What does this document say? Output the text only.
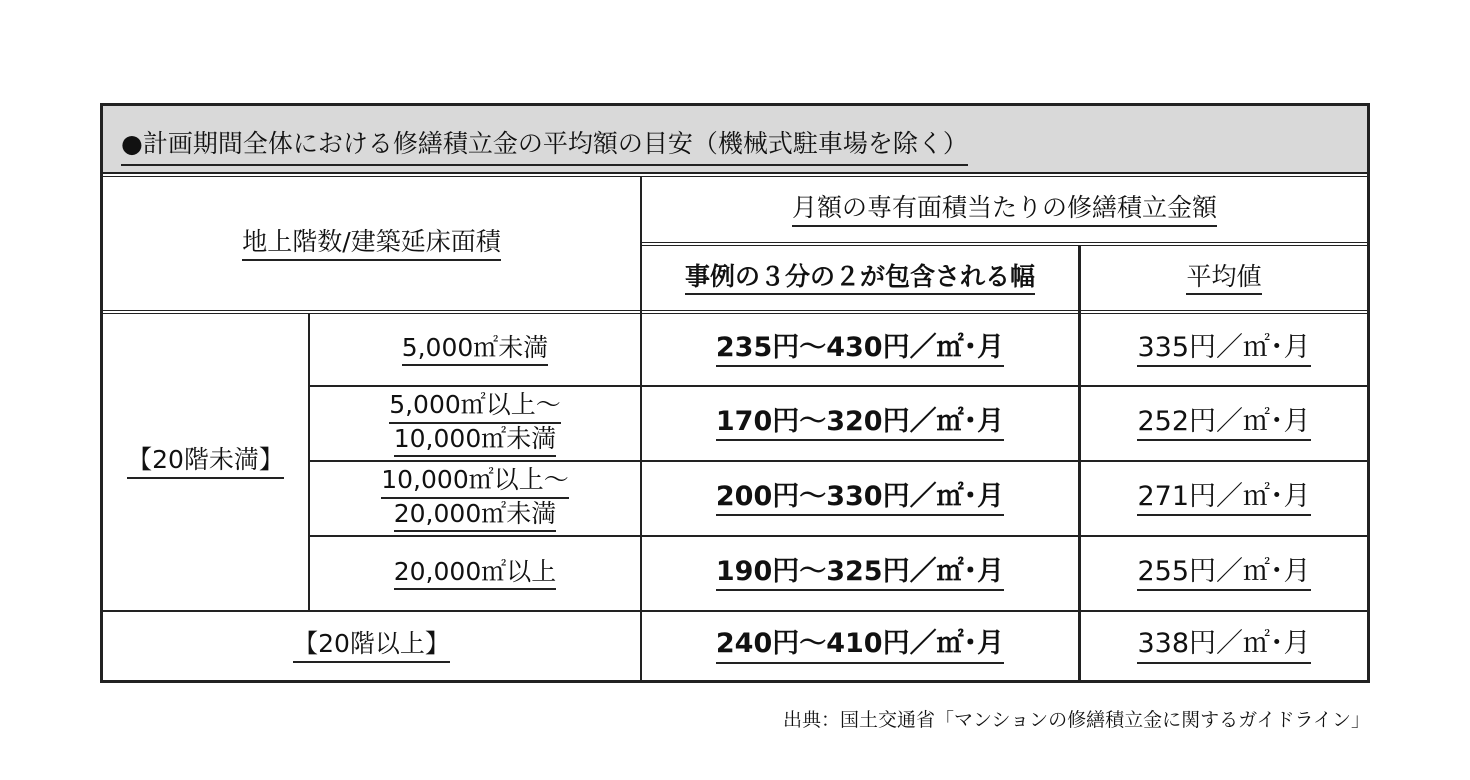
●計画期間全体における修繕積立金の平均額の目安（機械式駐車場を除く）
地上階数/建築延床面積
月額の専有面積当たりの修繕積立金額
事例の３分の２が包含される幅	平均値
【20階未満】
5,000㎡未満	235円～430円／㎡･月	335円／㎡･月
5,000㎡以上～
10,000㎡未満
170円～320円／㎡･月	252円／㎡･月
10,000㎡以上～
20,000㎡未満
200円～330円／㎡･月	271円／㎡･月
20,000㎡以上	190円～325円／㎡･月	255円／㎡･月
【20階以上】	240円～410円／㎡･月	338円／㎡･月
出典：国土交通省「マンションの修繕積立金に関するガイドライン」
